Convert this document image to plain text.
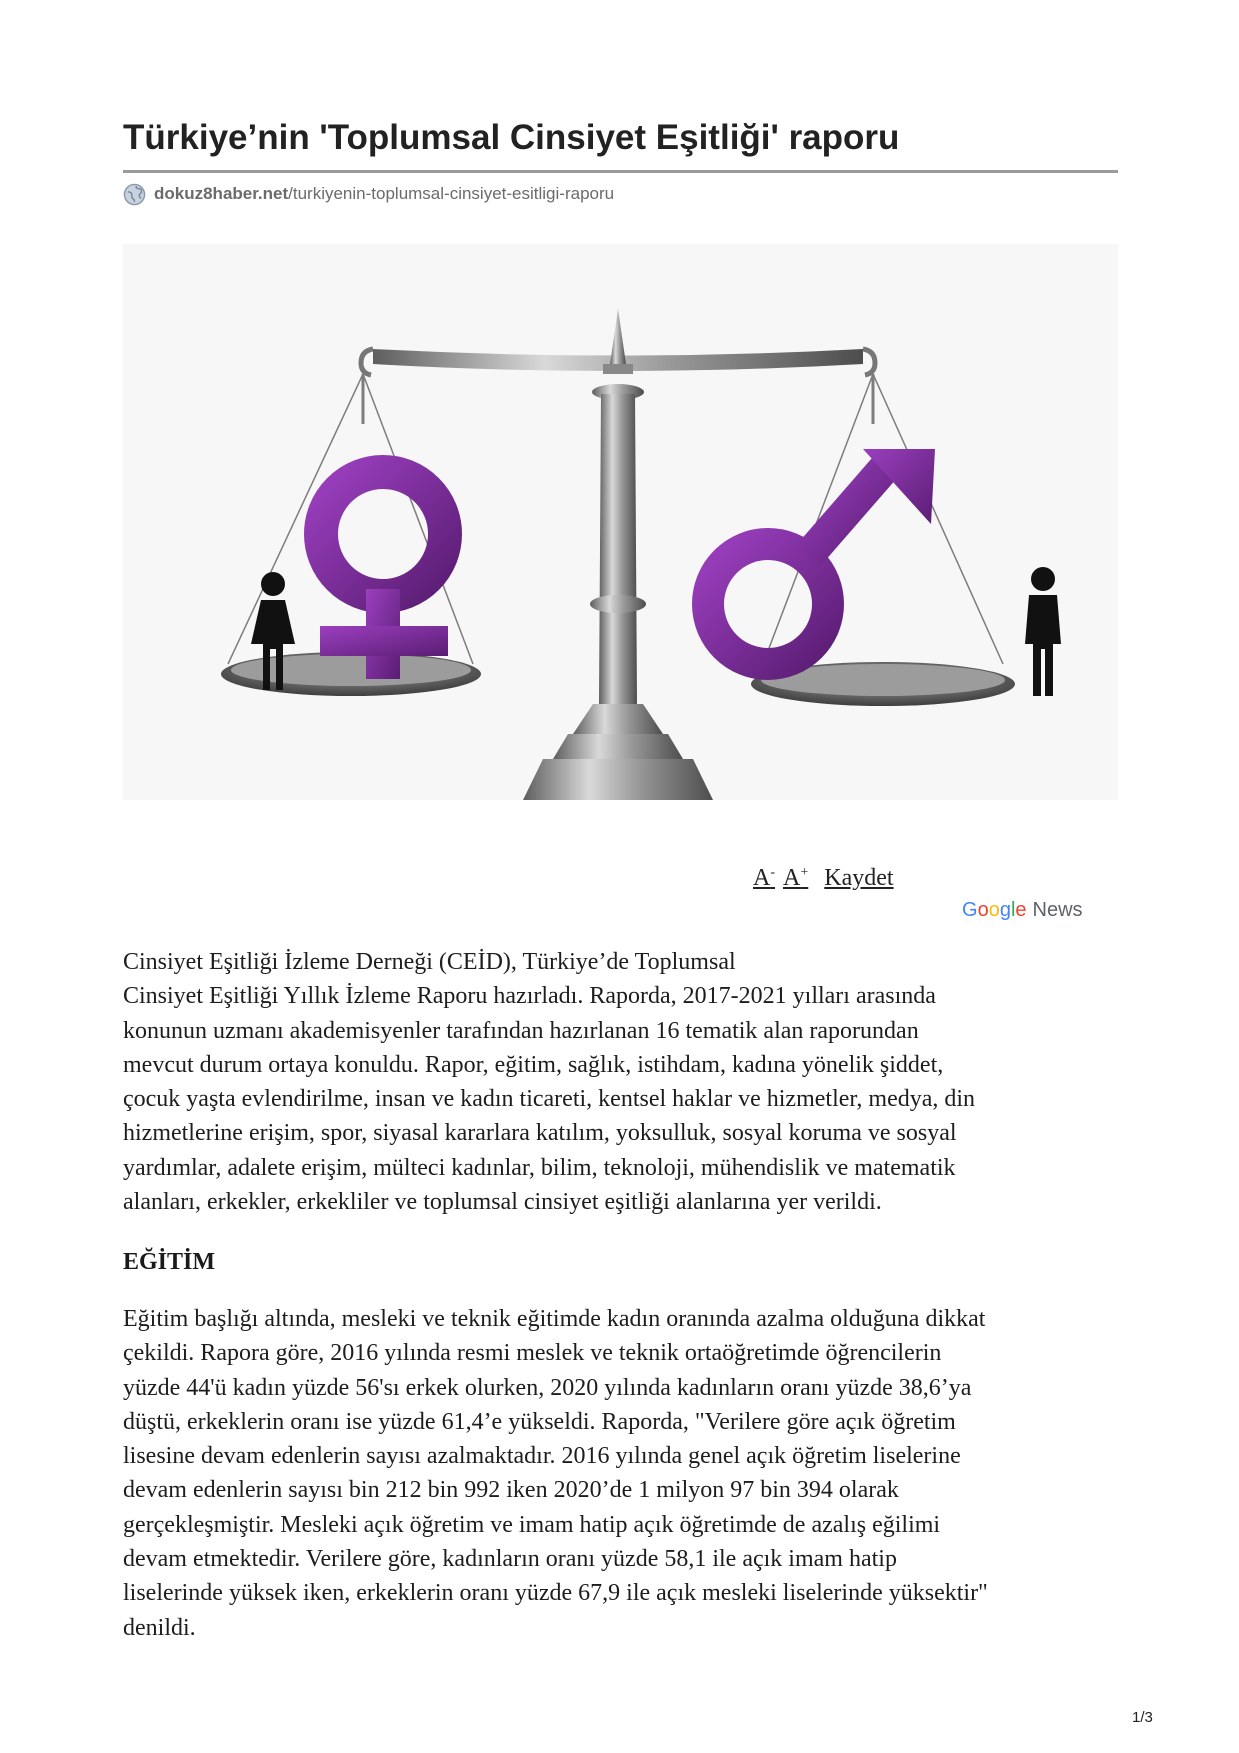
Türkiye’nin 'Toplumsal Cinsiyet Eşitliği' raporu
dokuz8haber.net /turkiyenin-toplumsal-cinsiyet-esitligi-raporu
A- A+ Kaydet
G o o g l e News
Cinsiyet Eşitliği İzleme Derneği (CEİD), Türkiye’de Toplumsal
Cinsiyet Eşitliği Yıllık İzleme Raporu hazırladı. Raporda, 2017-2021 yılları arasında
konunun uzmanı akademisyenler tarafından hazırlanan 16 tematik alan raporundan
mevcut durum ortaya konuldu. Rapor, eğitim, sağlık, istihdam, kadına yönelik şiddet,
çocuk yaşta evlendirilme, insan ve kadın ticareti, kentsel haklar ve hizmetler, medya, din
hizmetlerine erişim, spor, siyasal kararlara katılım, yoksulluk, sosyal koruma ve sosyal
yardımlar, adalete erişim, mülteci kadınlar, bilim, teknoloji, mühendislik ve matematik
alanları, erkekler, erkekliler ve toplumsal cinsiyet eşitliği alanlarına yer verildi.
EĞİTİM
Eğitim başlığı altında, mesleki ve teknik eğitimde kadın oranında azalma olduğuna dikkat
çekildi. Rapora göre, 2016 yılında resmi meslek ve teknik ortaöğretimde öğrencilerin
yüzde 44'ü kadın yüzde 56'sı erkek olurken, 2020 yılında kadınların oranı yüzde 38,6’ya
düştü, erkeklerin oranı ise yüzde 61,4’e yükseldi. Raporda, "Verilere göre açık öğretim
lisesine devam edenlerin sayısı azalmaktadır. 2016 yılında genel açık öğretim liselerine
devam edenlerin sayısı bin 212 bin 992 iken 2020’de 1 milyon 97 bin 394 olarak
gerçekleşmiştir. Mesleki açık öğretim ve imam hatip açık öğretimde de azalış eğilimi
devam etmektedir. Verilere göre, kadınların oranı yüzde 58,1 ile açık imam hatip
liselerinde yüksek iken, erkeklerin oranı yüzde 67,9 ile açık mesleki liselerinde yüksektir"
denildi.
1/3
